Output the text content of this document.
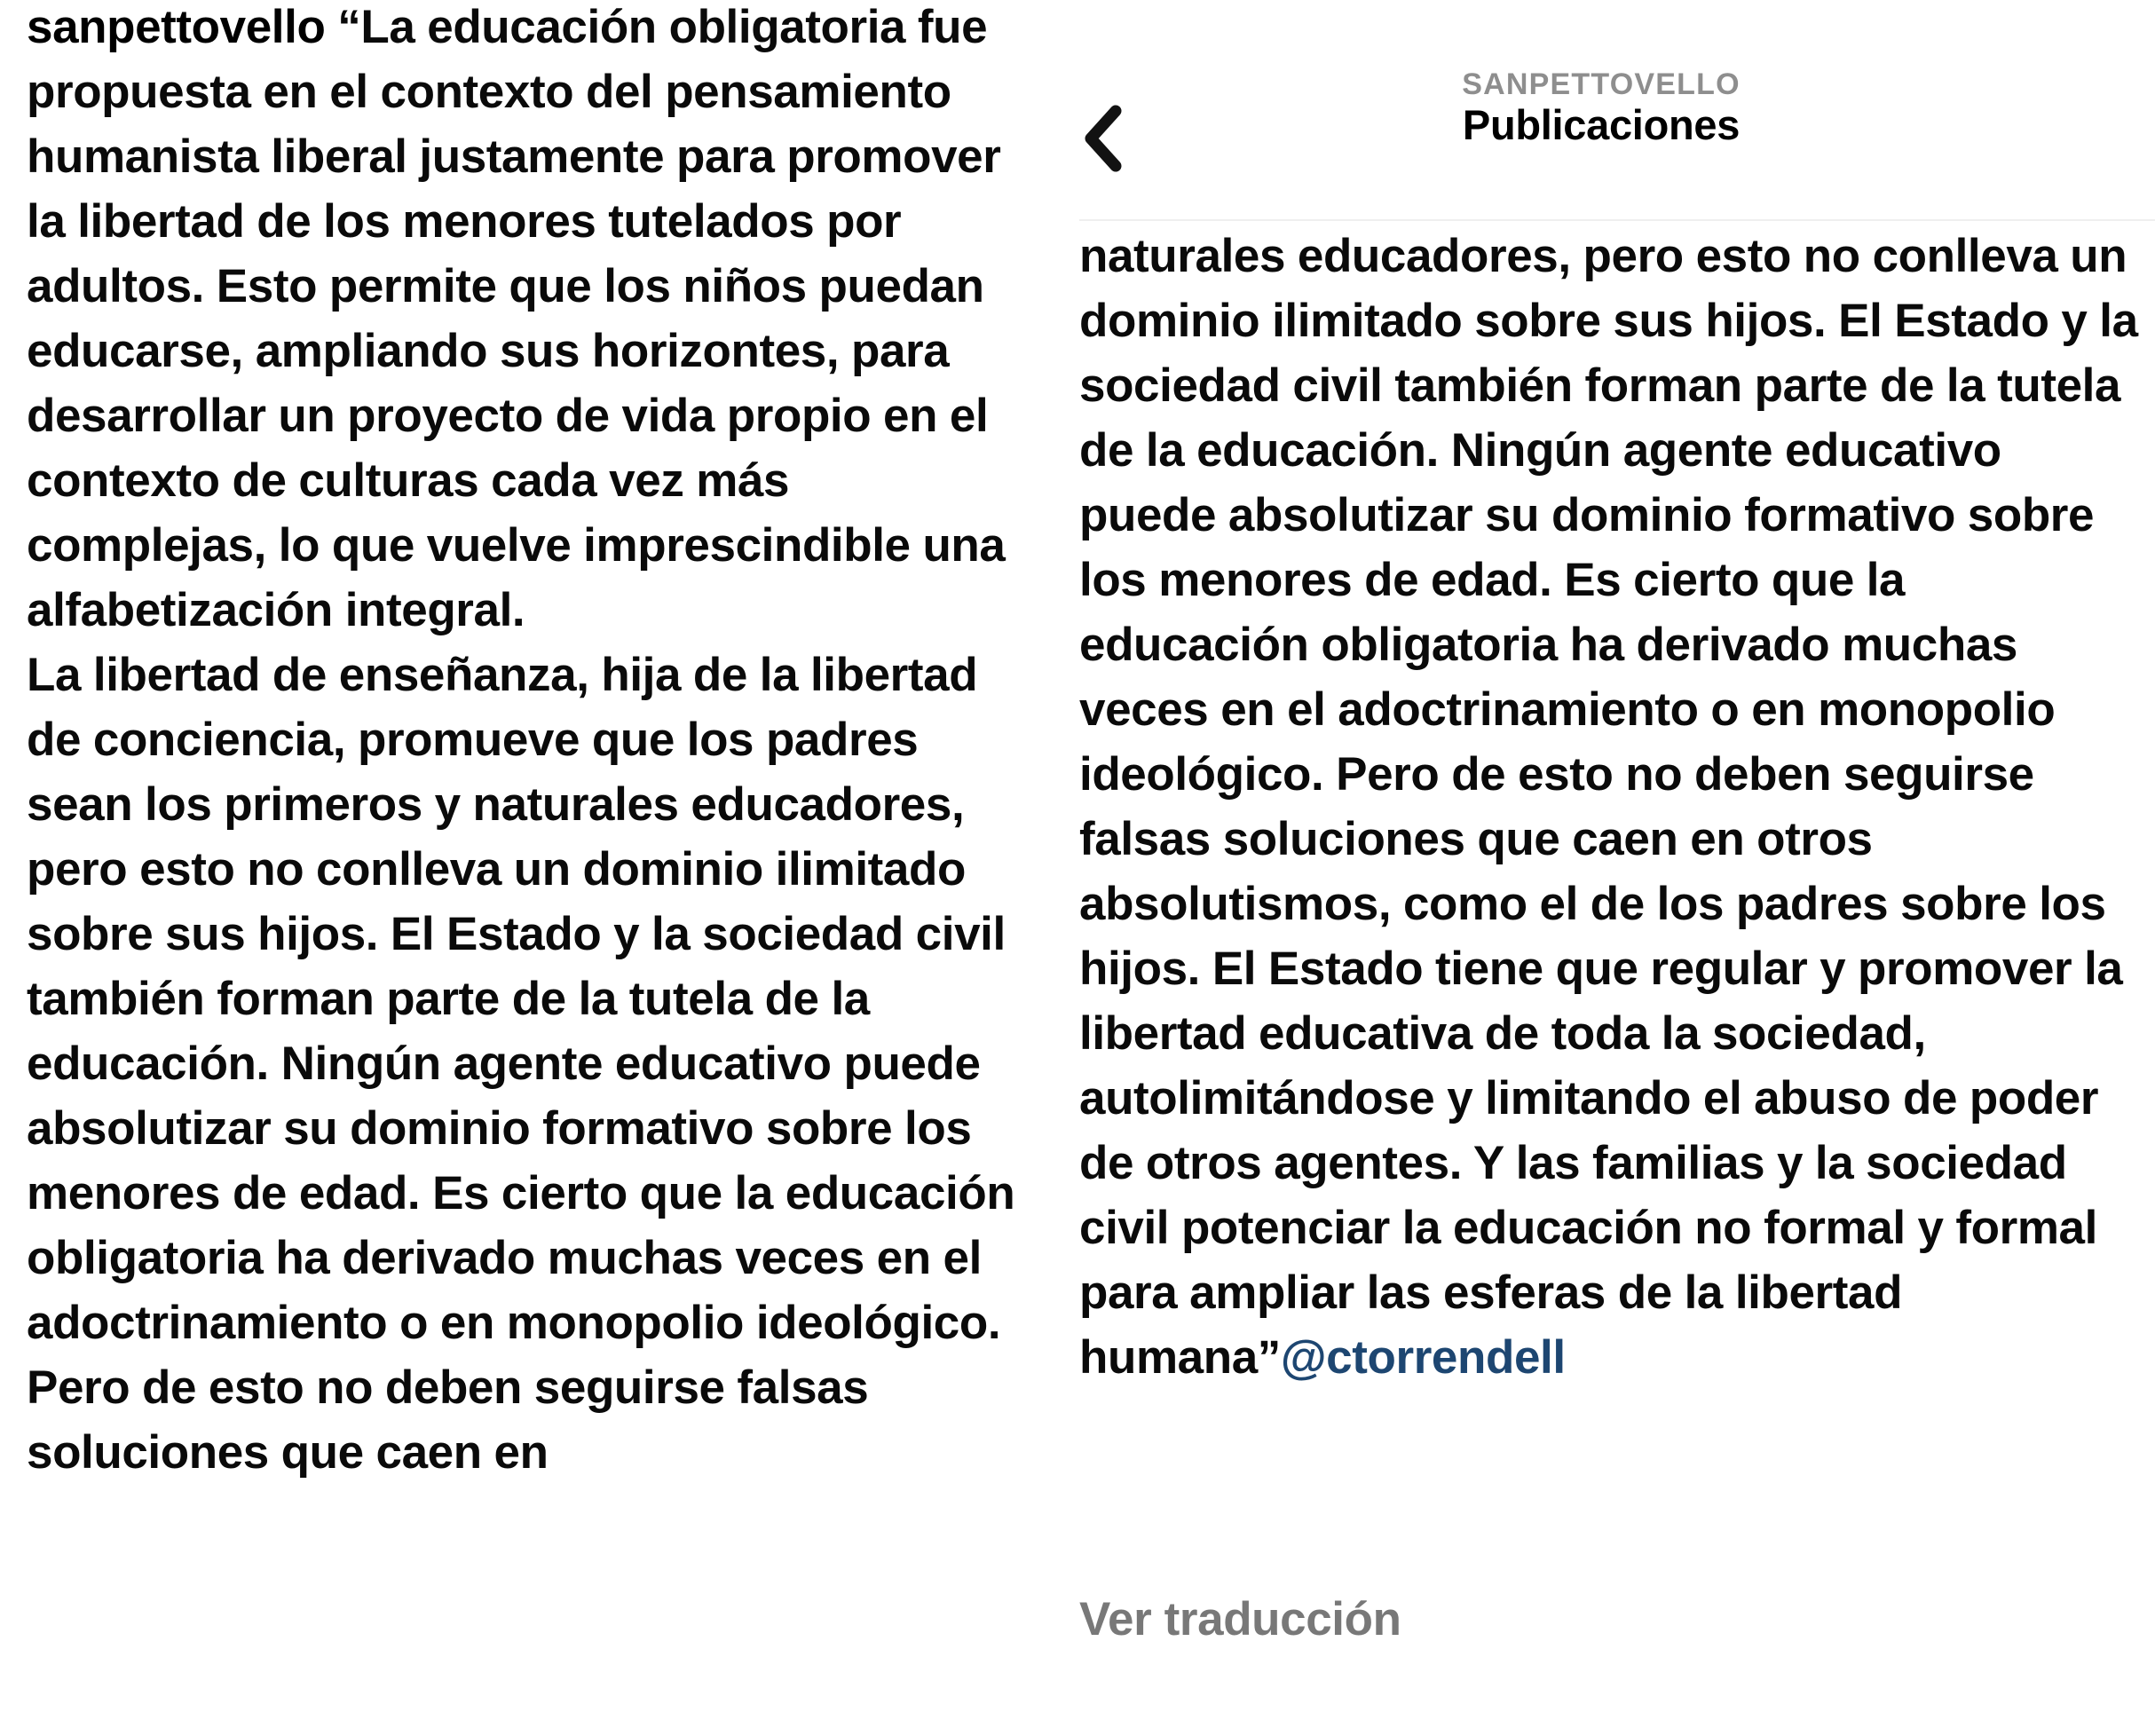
sanpettovello “La educación obligatoria fue propuesta en el contexto del pensamiento humanista liberal justamente para promover la libertad de los menores tutelados por adultos. Esto permite que los niños puedan educarse, ampliando sus horizontes, para desarrollar un proyecto de vida propio en el contexto de culturas cada vez más complejas, lo que vuelve imprescindible una alfabetización integral.
La libertad de enseñanza, hija de la libertad de conciencia, promueve que los padres sean los primeros y naturales educadores, pero esto no conlleva un dominio ilimitado sobre sus hijos. El Estado y la sociedad civil también forman parte de la tutela de la educación. Ningún agente educativo puede absolutizar su dominio formativo sobre los menores de edad. Es cierto que la educación obligatoria ha derivado muchas veces en el adoctrinamiento o en monopolio ideológico. Pero de esto no deben seguirse falsas soluciones que caen en
SANPETTOVELLO
Publicaciones
naturales educadores, pero esto no conlleva un dominio ilimitado sobre sus hijos. El Estado y la sociedad civil también forman parte de la tutela de la educación. Ningún agente educativo puede absolutizar su dominio formativo sobre los menores de edad. Es cierto que la educación obligatoria ha derivado muchas veces en el adoctrinamiento o en monopolio ideológico. Pero de esto no deben seguirse falsas soluciones que caen en otros absolutismos, como el de los padres sobre los hijos. El Estado tiene que regular y promover la libertad educativa de toda la sociedad, autolimitándose y limitando el abuso de poder de otros agentes. Y las familias y la sociedad civil potenciar la educación no formal y formal para ampliar las esferas de la libertad humana”@ctorrendell
Ver traducción
